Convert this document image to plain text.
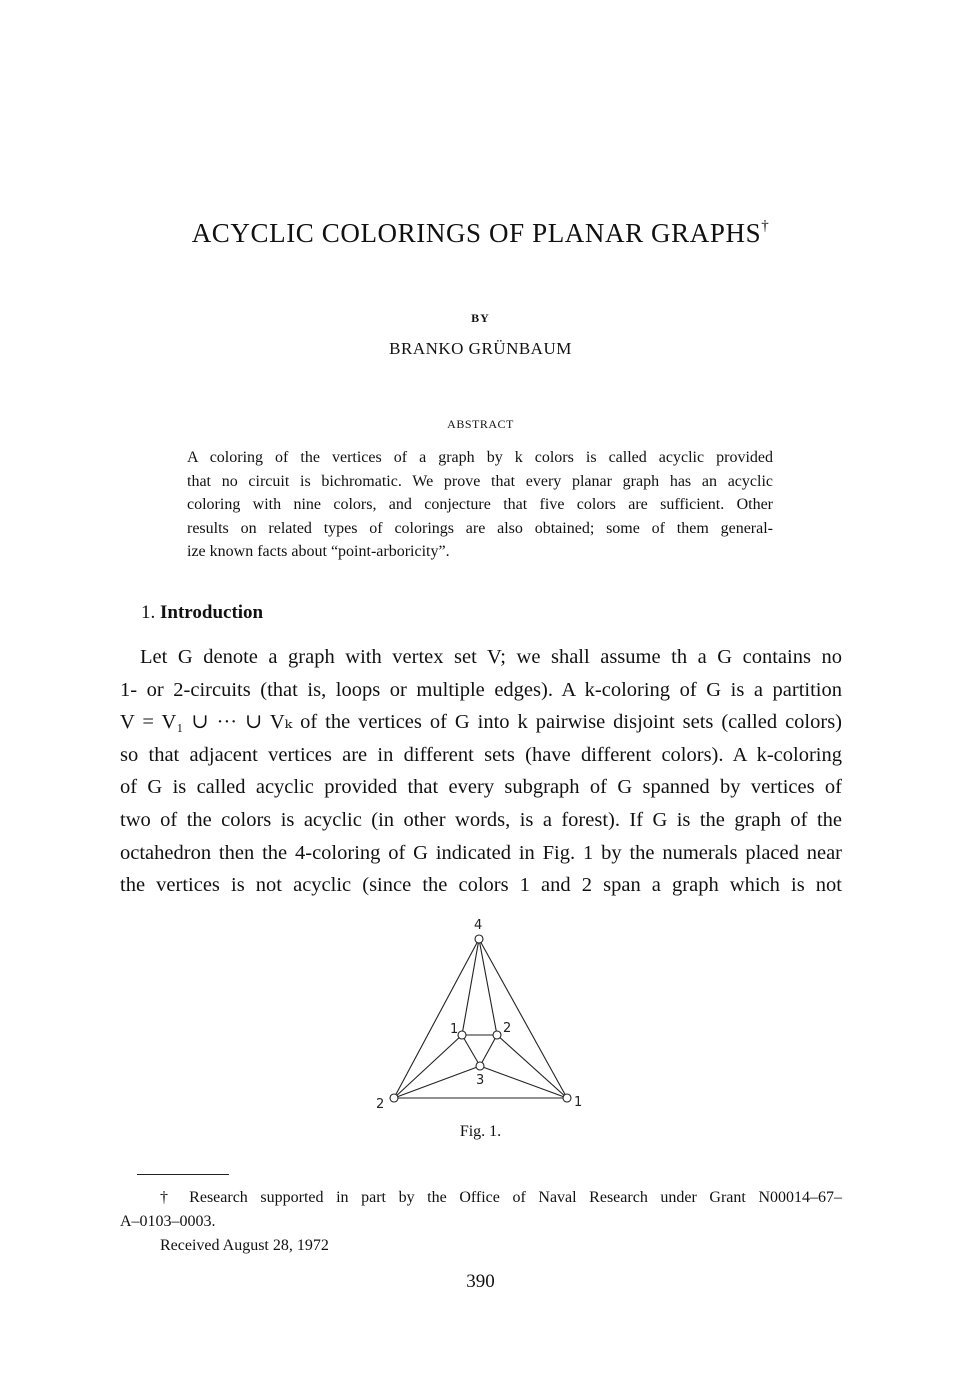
ACYCLIC COLORINGS OF PLANAR GRAPHS†
BY
BRANKO GRÜNBAUM
ABSTRACT
A coloring of the vertices of a graph by k colors is called acyclic provided
that no circuit is bichromatic. We prove that every planar graph has an acyclic
coloring with nine colors, and conjecture that five colors are sufficient. Other
results on related types of colorings are also obtained; some of them general-
ize known facts about “point-arboricity”.
1. Introduction
Let G denote a graph with vertex set V; we shall assume th a G contains no
1- or 2-circuits (that is, loops or multiple edges). A k-coloring of G is a partition
V = V₁ ∪ ··· ∪ Vₖ of the vertices of G into k pairwise disjoint sets (called colors)
so that adjacent vertices are in different sets (have different colors). A k-coloring
of G is called acyclic provided that every subgraph of G spanned by vertices of
two of the colors is acyclic (in other words, is a forest). If G is the graph of the
octahedron then the 4-coloring of G indicated in Fig. 1 by the numerals placed near
the vertices is not acyclic (since the colors 1 and 2 span a graph which is not
4
2	1
1	2
3
Fig. 1.
† Research supported in part by the Office of Naval Research under Grant N00014–67–
A–0103–0003.
Received August 28, 1972
390
